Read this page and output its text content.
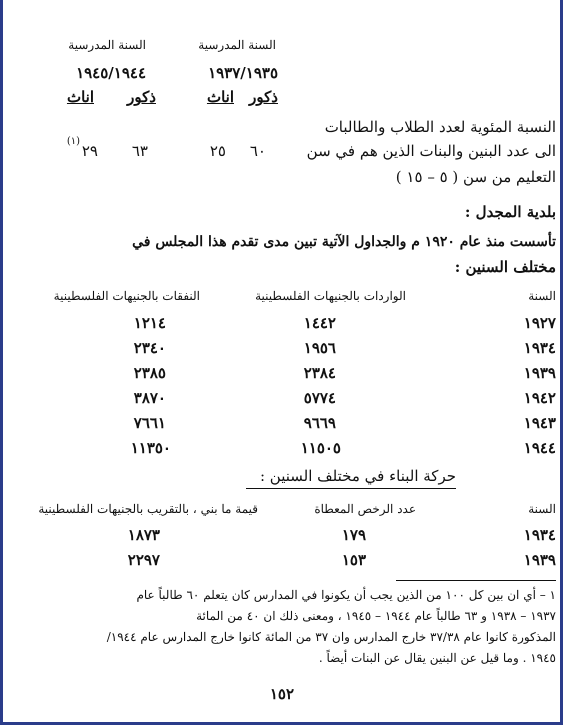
السنة المدرسية
السنة المدرسية
١٩٣٧/١٩٣٥
١٩٤٥/١٩٤٤
ذكور
اناث
ذكور
اناث
النسبة المئوية لعدد الطلاب والطالبات
الى عدد البنين والبنات الذين هم في سن
٦٠
٢٥
٦٣
٢٩
(١)
التعليم من سن ( ٥ – ١٥ )
بلدية المجدل :
تأسست منذ عام ١٩٢٠ م والجداول الآتية تبين مدى تقدم هذا المجلس في
مختلف السنين :
السنة
الواردات بالجنيهات الفلسطينية
النفقات بالجنيهات الفلسطينية
١٩٢٧
١٤٤٢
١٢١٤
١٩٣٤
١٩٥٦
٢٣٤٠
١٩٣٩
٢٣٨٤
٢٣٨٥
١٩٤٢
٥٧٧٤
٣٨٧٠
١٩٤٣
٩٦٦٩
٧٦٦١
١٩٤٤
١١٥٠٥
١١٣٥٠
حركة البناء في مختلف السنين :
السنة
عدد الرخص المعطاة
قيمة ما بني ، بالتقريب بالجنيهات الفلسطينية
١٩٣٤
١٧٩
١٨٧٣
١٩٣٩
١٥٣
٢٢٩٧
١ – أي ان بين كل ١٠٠ من الذين يجب أن يكونوا في المدارس كان يتعلم ٦٠ طالباً عام
١٩٣٧ – ١٩٣٨ و ٦٣ طالباً عام ١٩٤٤ – ١٩٤٥ ، ومعنى ذلك ان ٤٠ من المائة
المذكورة كانوا عام ٣٧/٣٨ خارج المدارس وان ٣٧ من المائة كانوا خارج المدارس عام ١٩٤٤/
١٩٤٥ . وما قيل عن البنين يقال عن البنات أيضاً .
١٥٢
